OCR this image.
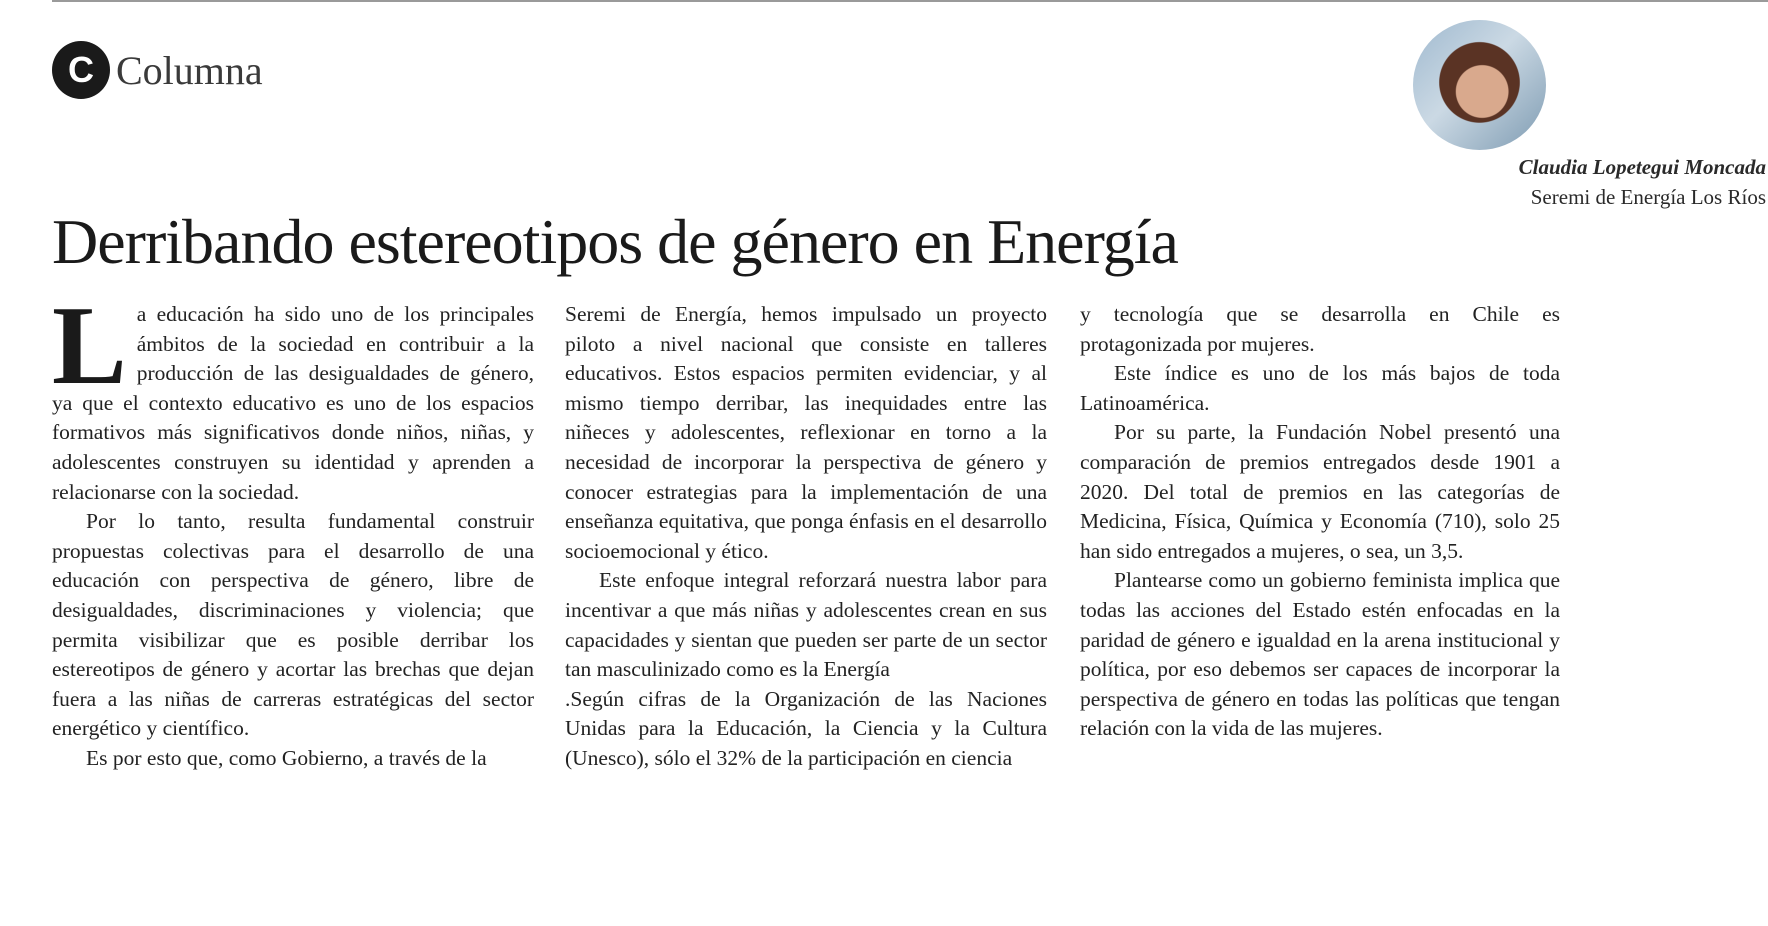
C Columna
Claudia Lopetegui Moncada
Seremi de Energía Los Ríos
Derribando estereotipos de género en Energía

La educación ha sido uno de los principales ámbitos de la sociedad en contribuir a la producción de las desigualdades de género, ya que el contexto educativo es uno de los espacios formativos más significativos donde niños, niñas, y adolescentes construyen su identidad y aprenden a relacionarse con la sociedad.

Por lo tanto, resulta fundamental construir propuestas colectivas para el desarrollo de una educación con perspectiva de género, libre de desigualdades, discriminaciones y violencia; que permita visibilizar que es posible derribar los estereotipos de género y acortar las brechas que dejan fuera a las niñas de carreras estratégicas del sector energético y científico.

Es por esto que, como Gobierno, a través de la

Seremi de Energía, hemos impulsado un proyecto piloto a nivel nacional que consiste en talleres educativos. Estos espacios permiten evidenciar, y al mismo tiempo derribar, las inequidades entre las niñeces y adolescentes, reflexionar en torno a la necesidad de incorporar la perspectiva de género y conocer estrategias para la implementación de una enseñanza equitativa, que ponga énfasis en el desarrollo socioemocional y ético.

Este enfoque integral reforzará nuestra labor para incentivar a que más niñas y adolescentes crean en sus capacidades y sientan que pueden ser parte de un sector tan masculinizado como es la Energía

.Según cifras de la Organización de las Naciones Unidas para la Educación, la Ciencia y la Cultura (Unesco), sólo el 32% de la participación en ciencia

y tecnología que se desarrolla en Chile es protagonizada por mujeres.

Este índice es uno de los más bajos de toda Latinoamérica.

Por su parte, la Fundación Nobel presentó una comparación de premios entregados desde 1901 a 2020. Del total de premios en las categorías de Medicina, Física, Química y Economía (710), solo 25 han sido entregados a mujeres, o sea, un 3,5.

Plantearse como un gobierno feminista implica que todas las acciones del Estado estén enfocadas en la paridad de género e igualdad en la arena institucional y política, por eso debemos ser capaces de incorporar la perspectiva de género en todas las políticas que tengan relación con la vida de las mujeres.
